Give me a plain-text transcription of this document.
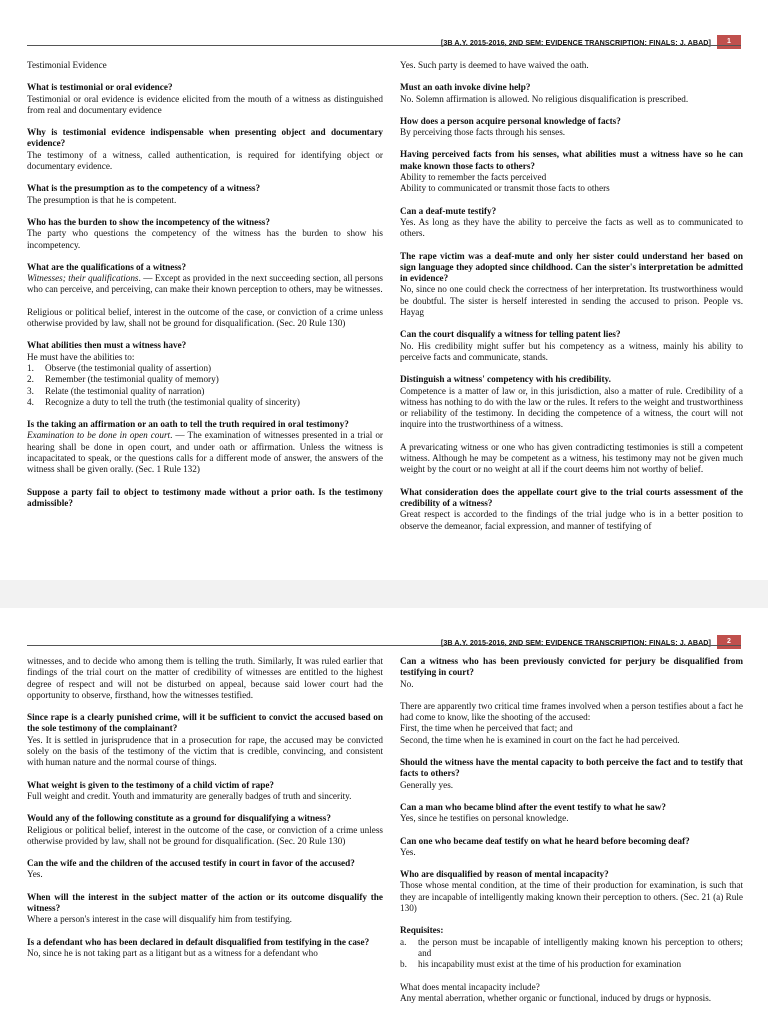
[3B A.Y. 2015-2016, 2ND SEM: EVIDENCE TRANSCRIPTION: FINALS: J. ABAD]	1
Testimonial Evidence
What is testimonial or oral evidence?
Testimonial or oral evidence is evidence elicited from the mouth of a witness as distinguished from real and documentary evidence
Why is testimonial evidence indispensable when presenting object and documentary evidence?
The testimony of a witness, called authentication, is required for identifying object or documentary evidence.
What is the presumption as to the competency of a witness?
The presumption is that he is competent.
Who has the burden to show the incompetency of the witness?
The party who questions the competency of the witness has the burden to show his incompetency.
What are the qualifications of a witness?
Witnesses; their qualifications. — Except as provided in the next succeeding section, all persons who can perceive, and perceiving, can make their known perception to others, may be witnesses.
Religious or political belief, interest in the outcome of the case, or conviction of a crime unless otherwise provided by law, shall not be ground for disqualification. (Sec. 20 Rule 130)
What abilities then must a witness have?
He must have the abilities to:
1. Observe (the testimonial quality of assertion)
2. Remember (the testimonial quality of memory)
3. Relate (the testimonial quality of narration)
4. Recognize a duty to tell the truth (the testimonial quality of sincerity)
Is the taking an affirmation or an oath to tell the truth required in oral testimony?
Examination to be done in open court. — The examination of witnesses presented in a trial or hearing shall be done in open court, and under oath or affirmation. Unless the witness is incapacitated to speak, or the questions calls for a different mode of answer, the answers of the witness shall be given orally. (Sec. 1 Rule 132)
Suppose a party fail to object to testimony made without a prior oath. Is the testimony admissible?
Yes. Such party is deemed to have waived the oath.
Must an oath invoke divine help?
No. Solemn affirmation is allowed. No religious disqualification is prescribed.
How does a person acquire personal knowledge of facts?
By perceiving those facts through his senses.
Having perceived facts from his senses, what abilities must a witness have so he can make known those facts to others?
Ability to remember the facts perceived
Ability to communicated or transmit those facts to others
Can a deaf-mute testify?
Yes. As long as they have the ability to perceive the facts as well as to communicated to others.
The rape victim was a deaf-mute and only her sister could understand her based on sign language they adopted since childhood. Can the sister's interpretation be admitted in evidence?
No, since no one could check the correctness of her interpretation. Its trustworthiness would be doubtful. The sister is herself interested in sending the accused to prison. People vs. Hayag
Can the court disqualify a witness for telling patent lies?
No. His credibility might suffer but his competency as a witness, mainly his ability to perceive facts and communicate, stands.
Distinguish a witness' competency with his credibility.
Competence is a matter of law or, in this jurisdiction, also a matter of rule. Credibility of a witness has nothing to do with the law or the rules. It refers to the weight and trustworthiness or reliability of the testimony. In deciding the competence of a witness, the court will not inquire into the trustworthiness of a witness.
A prevaricating witness or one who has given contradicting testimonies is still a competent witness. Although he may be competent as a witness, his testimony may not be given much weight by the court or no weight at all if the court deems him not worthy of belief.
What consideration does the appellate court give to the trial courts assessment of the credibility of a witness?
Great respect is accorded to the findings of the trial judge who is in a better position to observe the demeanor, facial expression, and manner of testifying of
[3B A.Y. 2015-2016, 2ND SEM: EVIDENCE TRANSCRIPTION: FINALS: J. ABAD]	2
witnesses, and to decide who among them is telling the truth. Similarly, It was ruled earlier that findings of the trial court on the matter of credibility of witnesses are entitled to the highest degree of respect and will not be disturbed on appeal, because said lower court had the opportunity to observe, firsthand, how the witnesses testified.
Since rape is a clearly punished crime, will it be sufficient to convict the accused based on the sole testimony of the complainant?
Yes. It is settled in jurisprudence that in a prosecution for rape, the accused may be convicted solely on the basis of the testimony of the victim that is credible, convincing, and consistent with human nature and the normal course of things.
What weight is given to the testimony of a child victim of rape?
Full weight and credit. Youth and immaturity are generally badges of truth and sincerity.
Would any of the following constitute as a ground for disqualifying a witness?
Religious or political belief, interest in the outcome of the case, or conviction of a crime unless otherwise provided by law, shall not be ground for disqualification. (Sec. 20 Rule 130)
Can the wife and the children of the accused testify in court in favor of the accused?
Yes.
When will the interest in the subject matter of the action or its outcome disqualify the witness?
Where a person's interest in the case will disqualify him from testifying.
Is a defendant who has been declared in default disqualified from testifying in the case?
No, since he is not taking part as a litigant but as a witness for a defendant who
Can a witness who has been previously convicted for perjury be disqualified from testifying in court?
No.
There are apparently two critical time frames involved when a person testifies about a fact he had come to know, like the shooting of the accused:
First, the time when he perceived that fact; and
Second, the time when he is examined in court on the fact he had perceived.
Should the witness have the mental capacity to both perceive the fact and to testify that facts to others?
Generally yes.
Can a man who became blind after the event testify to what he saw?
Yes, since he testifies on personal knowledge.
Can one who became deaf testify on what he heard before becoming deaf?
Yes.
Who are disqualified by reason of mental incapacity?
Those whose mental condition, at the time of their production for examination, is such that they are incapable of intelligently making known their perception to others. (Sec. 21 (a) Rule 130)
Requisites:
a. the person must be incapable of intelligently making known his perception to others; and
b. his incapability must exist at the time of his production for examination
What does mental incapacity include?
Any mental aberration, whether organic or functional, induced by drugs or hypnosis.
